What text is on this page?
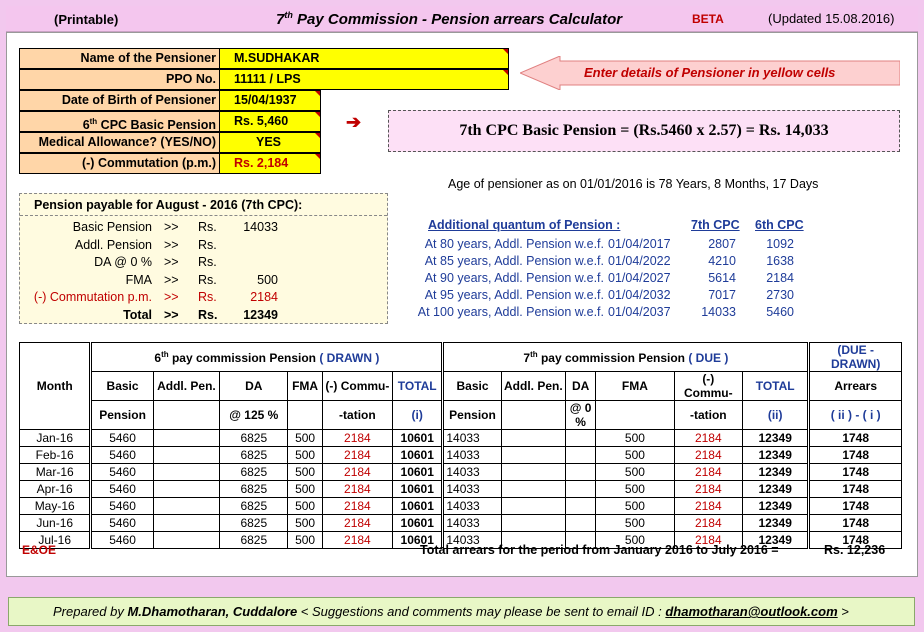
(Printable)	7th Pay Commission - Pension arrears Calculator	BETA	(Updated 15.08.2016)
Name of the Pensioner	M.SUDHAKAR
PPO No.	11111 / LPS
Date of Birth of Pensioner	15/04/1937
6th CPC Basic Pension	Rs. 5,460
Medical Allowance? (YES/NO)	YES
(-) Commutation (p.m.)	Rs. 2,184
Enter details of Pensioner in yellow cells
➔	7th CPC Basic Pension = (Rs.5460 x 2.57) = Rs. 14,033
Age of pensioner as on 01/01/2016 is 78 Years, 8 Months, 17 Days
Pension payable for August - 2016 (7th CPC):
Basic Pension >>	Rs.	14033
Addl. Pension >>	Rs.
DA @ 0 % >>	Rs.
FMA >>	Rs.	500
(-) Commutation p.m. >>	Rs.	2184
Total >>	Rs.	12349
Additional quantum of Pension :	7th CPC 6th CPC
At 80 years, Addl. Pension w.e.f. 01/04/2017	2807	1092
At 85 years, Addl. Pension w.e.f. 01/04/2022	4210	1638
At 90 years, Addl. Pension w.e.f. 01/04/2027	5614	2184
At 95 years, Addl. Pension w.e.f. 01/04/2032	7017	2730
At 100 years, Addl. Pension w.e.f. 01/04/2037	14033	5460
Month	6th pay commission Pension ( DRAWN )						7th pay commission Pension ( DUE )						(DUE - DRAWN)
	Basic	Addl. Pen.	DA	FMA	(-) Commu-	TOTAL	Basic	Addl. Pen.	DA	FMA	(-) Commu-	TOTAL	Arrears
	Pension		@ 125 %		-tation	(i)	Pension		@ 0 %		-tation	(ii)	( ii ) - ( i )
Jan-16	5460		6825	500	2184	10601	14033			500	2184	12349	1748
Feb-16	5460		6825	500	2184	10601	14033			500	2184	12349	1748
Mar-16	5460		6825	500	2184	10601	14033			500	2184	12349	1748
Apr-16	5460		6825	500	2184	10601	14033			500	2184	12349	1748
May-16	5460		6825	500	2184	10601	14033			500	2184	12349	1748
Jun-16	5460		6825	500	2184	10601	14033			500	2184	12349	1748
Jul-16	5460		6825	500	2184	10601	14033			500	2184	12349	1748
E&OE	Total arrears for the period from January 2016 to July 2016 =	Rs. 12,236
Prepared by M.Dhamotharan, Cuddalore < Suggestions and comments may please be sent to email ID : dhamotharan@outlook.com >
